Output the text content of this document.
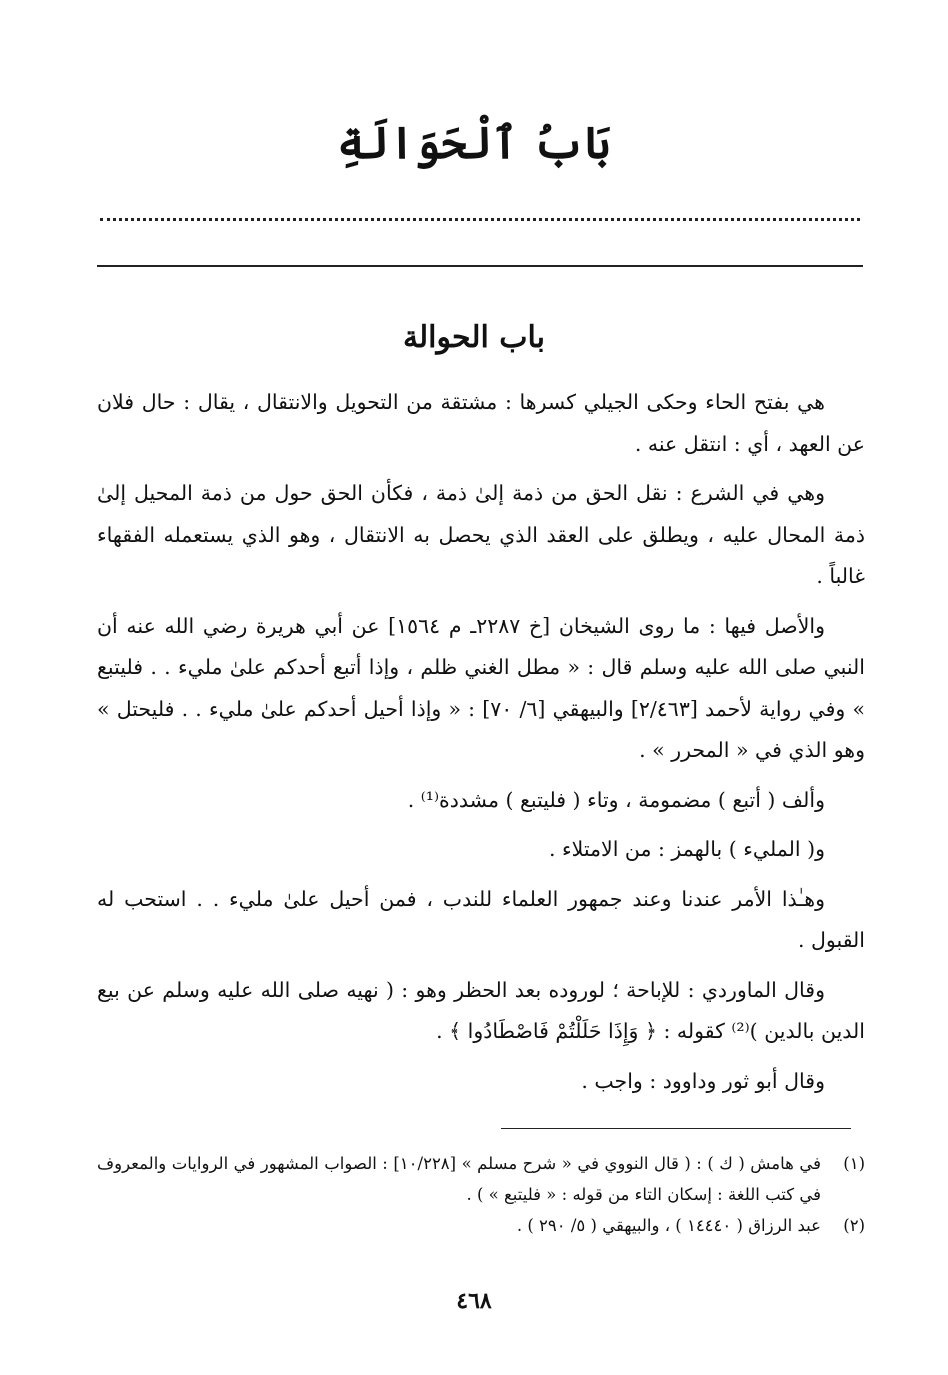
بَابُ ٱلْحَوَالَةِ
باب الحوالة

هي بفتح الحاء وحكى الجيلي كسرها : مشتقة من التحويل والانتقال ، يقال : حال فلان عن العهد ، أي : انتقل عنه .

وهي في الشرع : نقل الحق من ذمة إلىٰ ذمة ، فكأن الحق حول من ذمة المحيل إلىٰ ذمة المحال عليه ، ويطلق على العقد الذي يحصل به الانتقال ، وهو الذي يستعمله الفقهاء غالباً .

والأصل فيها : ما روى الشيخان [خ ٢٢٨٧ـ م ١٥٦٤] عن أبي هريرة رضي الله عنه أن النبي صلى الله عليه وسلم قال : « مطل الغني ظلم ، وإذا أتبع أحدكم علىٰ مليء . . فليتبع » وفي رواية لأحمد [٢/٤٦٣] والبيهقي [٦/ ٧٠] : « وإذا أحيل أحدكم علىٰ مليء . . فليحتل » وهو الذي في « المحرر » .

وألف ( أتبع ) مضمومة ، وتاء ( فليتبع ) مشددة⁽¹⁾ .

و( المليء ) بالهمز : من الامتلاء .

وهـٰذا الأمر عندنا وعند جمهور العلماء للندب ، فمن أحيل علىٰ مليء . . استحب له القبول .

وقال الماوردي : للإباحة ؛ لوروده بعد الحظر وهو : ( نهيه صلى الله عليه وسلم عن بيع الدين بالدين )⁽²⁾ كقوله : ﴿ وَإِذَا حَلَلْتُمْ فَاصْطَادُوا ﴾ .

وقال أبو ثور وداوود : واجب .

(١)
في هامش ( ك ) : ( قال النووي في « شرح مسلم » [١٠/٢٢٨] : الصواب المشهور في الروايات والمعروف في كتب اللغة : إسكان التاء من قوله : « فليتبع » ) .
(٢)
عبد الرزاق ( ١٤٤٤٠ ) ، والبيهقي ( ٥/ ٢٩٠ ) .
٤٦٨
